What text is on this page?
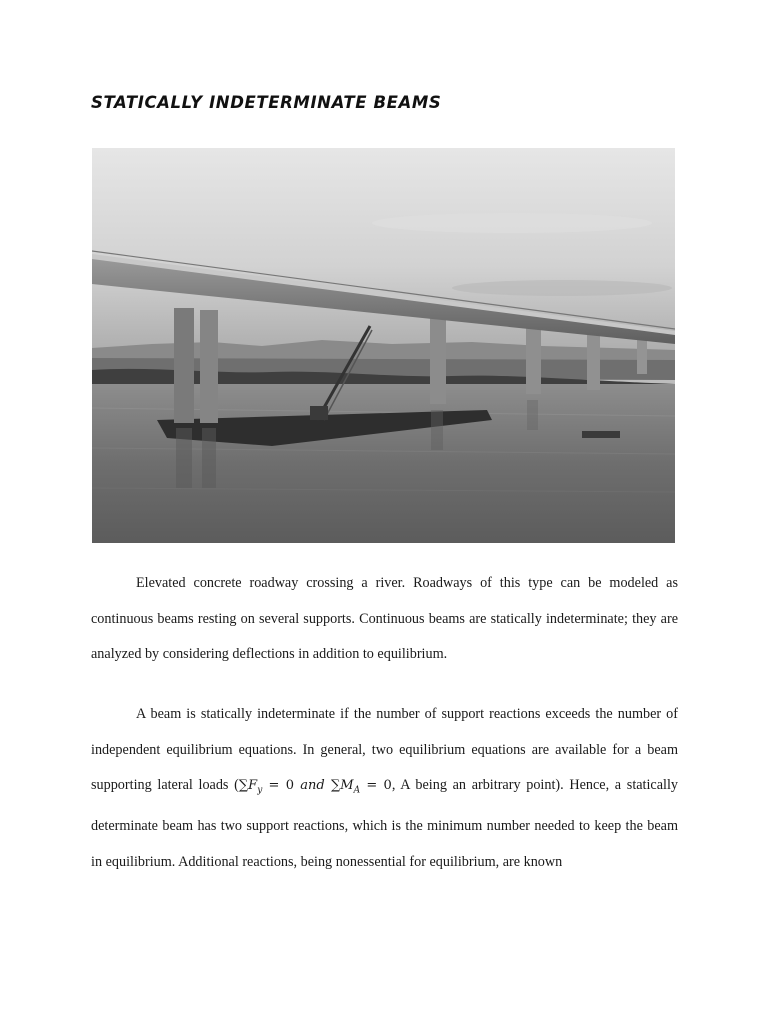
STATICALLY INDETERMINATE BEAMS

Elevated concrete roadway crossing a river. Roadways of this type can be modeled as continuous beams resting on several supports. Continuous beams are statically indeterminate; they are analyzed by considering deflections in addition to equilibrium.

A beam is statically indeterminate if the number of support reactions exceeds the number of independent equilibrium equations. In general, two equilibrium equations are available for a beam supporting lateral loads ($\sum F_y = 0$ and $\sum M_A = 0$, A being an arbitrary point). Hence, a statically determinate beam has two support reactions, which is the minimum number needed to keep the beam in equilibrium. Additional reactions, being nonessential for equilibrium, are known
